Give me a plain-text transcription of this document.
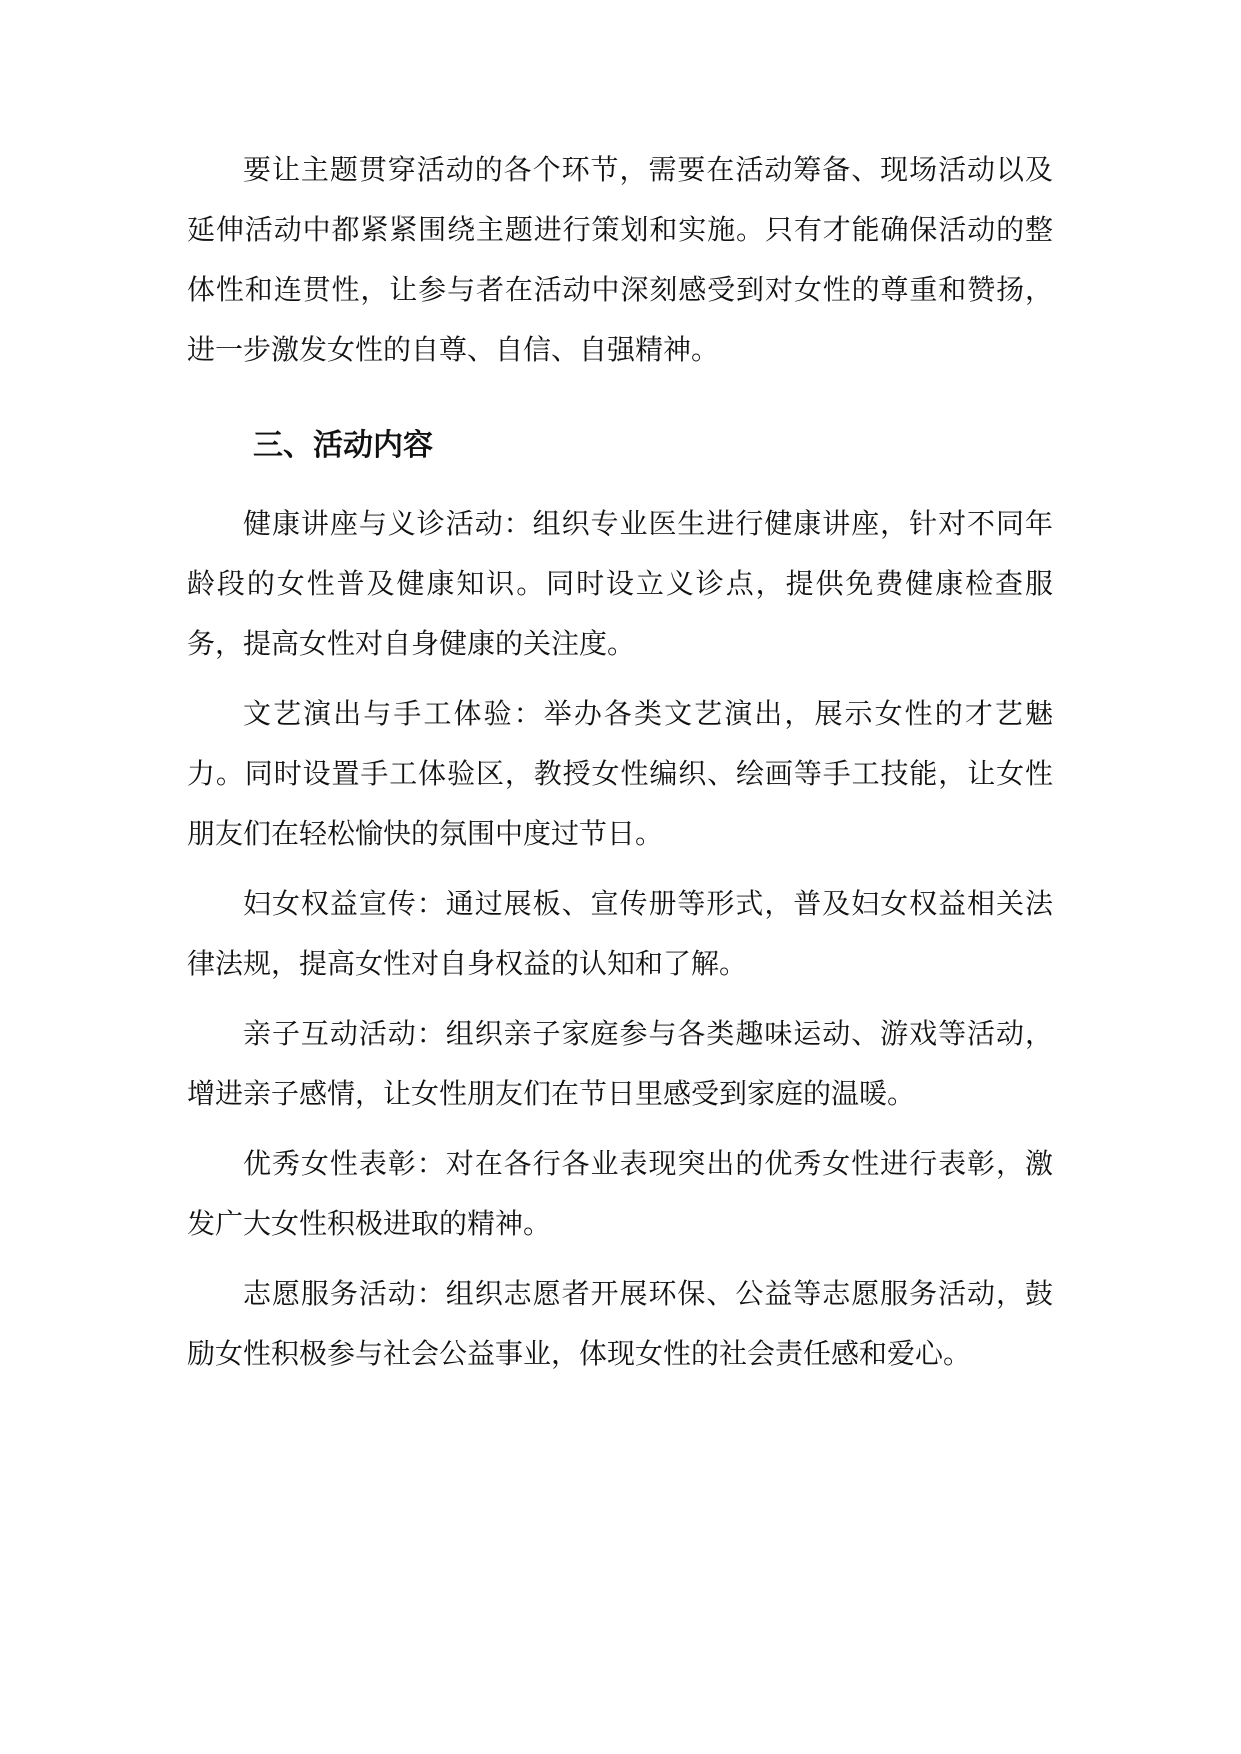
要让主题贯穿活动的各个环节，需要在活动筹备、现场活动以及延伸活动中都紧紧围绕主题进行策划和实施。只有才能确保活动的整体性和连贯性，让参与者在活动中深刻感受到对女性的尊重和赞扬，进一步激发女性的自尊、自信、自强精神。

三、活动内容

健康讲座与义诊活动：组织专业医生进行健康讲座，针对不同年龄段的女性普及健康知识。同时设立义诊点，提供免费健康检查服务，提高女性对自身健康的关注度。

文艺演出与手工体验：举办各类文艺演出，展示女性的才艺魅力。同时设置手工体验区，教授女性编织、绘画等手工技能，让女性朋友们在轻松愉快的氛围中度过节日。

妇女权益宣传：通过展板、宣传册等形式，普及妇女权益相关法律法规，提高女性对自身权益的认知和了解。

亲子互动活动：组织亲子家庭参与各类趣味运动、游戏等活动，增进亲子感情，让女性朋友们在节日里感受到家庭的温暖。

优秀女性表彰：对在各行各业表现突出的优秀女性进行表彰，激发广大女性积极进取的精神。

志愿服务活动：组织志愿者开展环保、公益等志愿服务活动，鼓励女性积极参与社会公益事业，体现女性的社会责任感和爱心。
